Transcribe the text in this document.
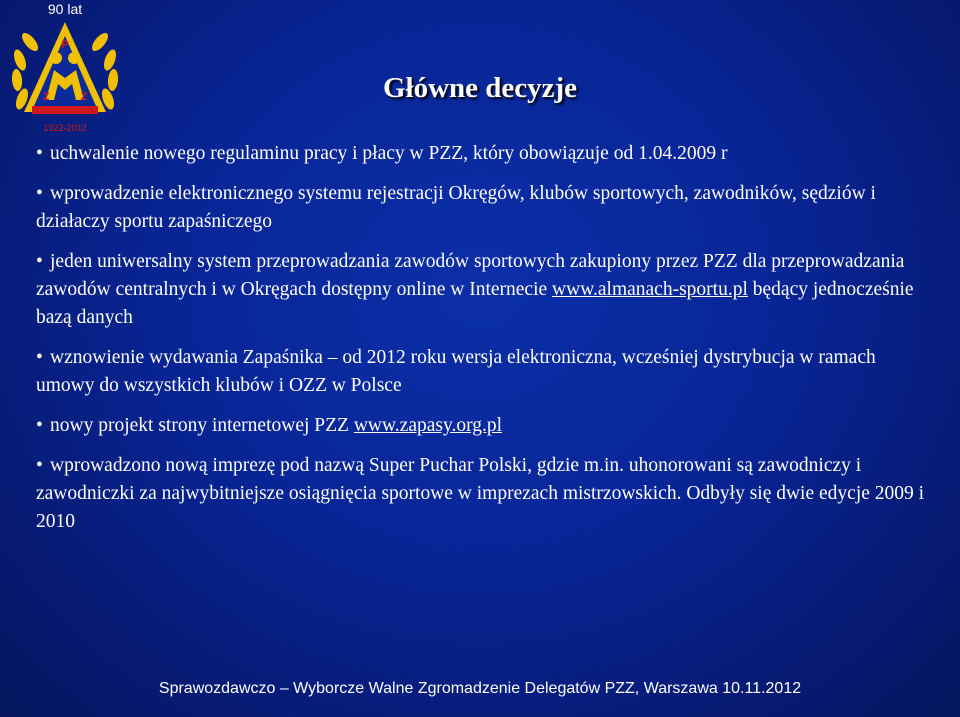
90 lat
P
Z	Z
1922-2012
Główne decyzje

• uchwalenie nowego regulaminu pracy i płacy w PZZ, który obowiązuje od 1.04.2009 r

• wprowadzenie elektronicznego systemu rejestracji Okręgów, klubów sportowych, zawodników, sędziów i działaczy sportu zapaśniczego

• jeden uniwersalny system przeprowadzania zawodów sportowych zakupiony przez PZZ dla przeprowadzania zawodów centralnych i w Okręgach dostępny online w Internecie www.almanach-sportu.pl będący jednocześnie bazą danych

• wznowienie wydawania Zapaśnika – od 2012 roku wersja elektroniczna, wcześniej dystrybucja w ramach umowy do wszystkich klubów i OZZ w Polsce

• nowy projekt strony internetowej PZZ www.zapasy.org.pl

• wprowadzono nową imprezę pod nazwą Super Puchar Polski, gdzie m.in. uhonorowani są zawodniczy i zawodniczki za najwybitniejsze osiągnięcia sportowe w imprezach mistrzowskich. Odbyły się dwie edycje 2009 i 2010

Sprawozdawczo – Wyborcze Walne Zgromadzenie Delegatów PZZ, Warszawa 10.11.2012
